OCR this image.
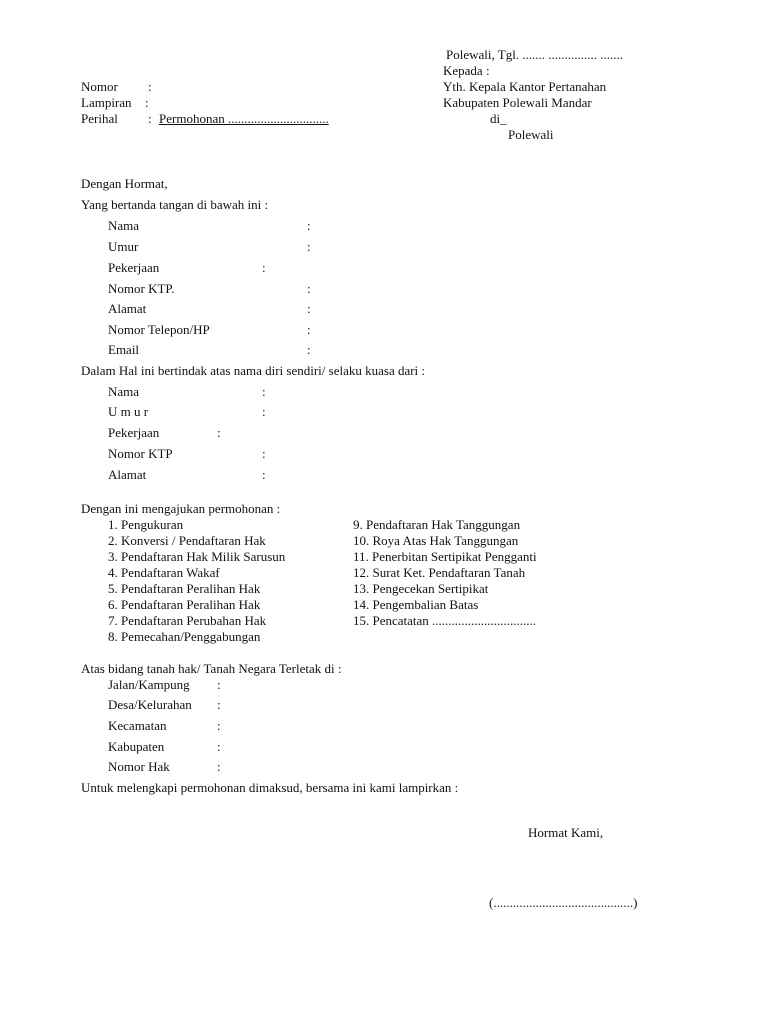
Polewali, Tgl. ....... ............... .......
Kepada :
Yth. Kepala Kantor Pertanahan
Kabupaten Polewali Mandar
di_
Polewali
Nomor :
Lampiran :
Perihal : Permohonan ...............................
Dengan Hormat,
Yang bertanda tangan di bawah ini :
Nama	:
Umur	:
Pekerjaan	:
Nomor KTP.	:
Alamat	:
Nomor Telepon/HP	:
Email	:
Dalam Hal ini bertindak atas nama diri sendiri/ selaku kuasa dari :
Nama	:
U m u r	:
Pekerjaan	:
Nomor KTP	:
Alamat	:
Dengan ini mengajukan permohonan :
1. Pengukuran
2. Konversi / Pendaftaran Hak
3. Pendaftaran Hak Milik Sarusun
4. Pendaftaran Wakaf
5. Pendaftaran Peralihan Hak
6. Pendaftaran Peralihan Hak
7. Pendaftaran Perubahan Hak
8. Pemecahan/Penggabungan
9. Pendaftaran Hak Tanggungan
10. Roya Atas Hak Tanggungan
11. Penerbitan Sertipikat Pengganti
12. Surat Ket. Pendaftaran Tanah
13. Pengecekan Sertipikat
14. Pengembalian Batas
15. Pencatatan ................................
Atas bidang tanah hak/ Tanah Negara Terletak di :
Jalan/Kampung :
Desa/Kelurahan :
Kecamatan	:
Kabupaten	:
Nomor Hak	:
Untuk melengkapi permohonan dimaksud, bersama ini kami lampirkan :
Hormat Kami,
(...........................................)
